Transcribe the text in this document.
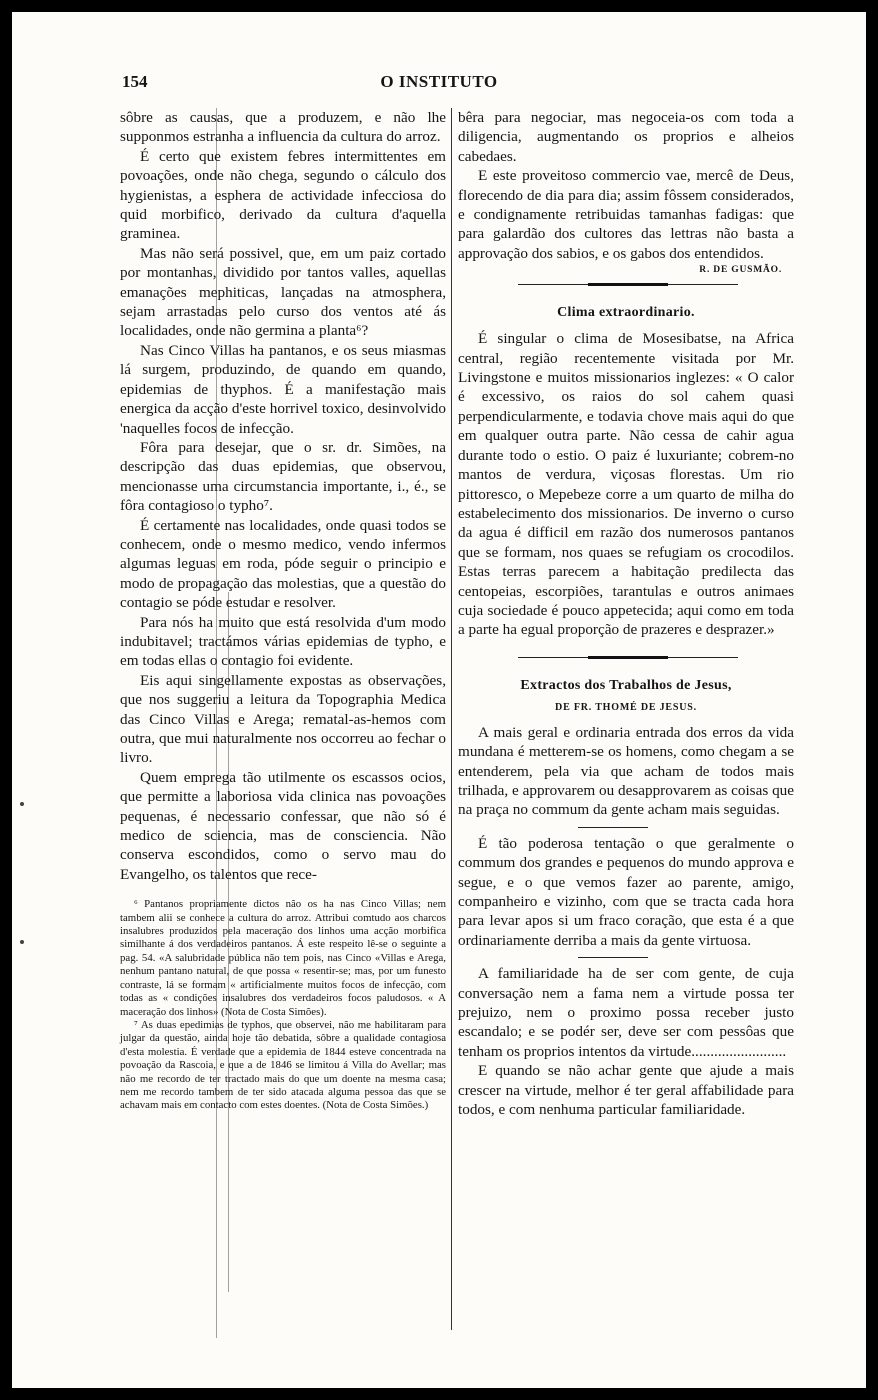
154	O INSTITUTO

sôbre as causas, que a produzem, e não lhe supponmos estranha a influencia da cultura do arroz.

É certo que existem febres intermittentes em povoações, onde não chega, segundo o cálculo dos hygienistas, a esphera de actividade infecciosa do quid morbifico, derivado da cultura d'aquella graminea.

Mas não será possivel, que, em um paiz cortado por montanhas, dividido por tantos valles, aquellas emanações mephiticas, lançadas na atmosphera, sejam arrastadas pelo curso dos ventos até ás localidades, onde não germina a planta⁶?

Nas Cinco Villas ha pantanos, e os seus miasmas lá surgem, produzindo, de quando em quando, epidemias de thyphos. É a manifestação mais energica da acção d'este horrivel toxico, desinvolvido 'naquelles focos de infecção.

Fôra para desejar, que o sr. dr. Simões, na descripção das duas epidemias, que observou, mencionasse uma circumstancia importante, i., é., se fôra contagioso o typho⁷.

É certamente nas localidades, onde quasi todos se conhecem, onde o mesmo medico, vendo infermos algumas leguas em roda, póde seguir o principio e modo de propagação das molestias, que a questão do contagio se póde estudar e resolver.

Para nós ha muito que está resolvida d'um modo indubitavel; tractámos várias epidemias de typho, e em todas ellas o contagio foi evidente.

Eis aqui singellamente expostas as observações, que nos suggeriu a leitura da Topographia Medica das Cinco Villas e Arega; rematal-as-hemos com outra, que mui naturalmente nos occorreu ao fechar o livro.

Quem emprega tão utilmente os escassos ocios, que permitte a laboriosa vida clinica nas povoações pequenas, é necessario confessar, que não só é medico de sciencia, mas de consciencia. Não conserva escondidos, como o servo mau do Evangelho, os talentos que rece-

⁶ Pantanos propriamente dictos não os ha nas Cinco Villas; nem tambem alii se conhece a cultura do arroz. Attribui comtudo aos charcos insalubres produzidos pela maceração dos linhos uma acção morbifica similhante á dos verdadeiros pantanos. Á este respeito lê-se o seguinte a pag. 54. «A salubridade pública não tem pois, nas Cinco «Villas e Arega, nenhum pantano natural, de que possa « resentir-se; mas, por um funesto contraste, lá se formam « artificialmente muitos focos de infecção, com todas as « condições insalubres dos verdadeiros focos paludosos. « A maceração dos linhos» (Nota de Costa Simões).

⁷ As duas epedimias de typhos, que observei, não me habilitaram para julgar da questão, ainda hoje tão debatida, sôbre a qualidade contagiosa d'esta molestia. É verdade que a epidemia de 1844 esteve concentrada na povoação da Rascoia, e que a de 1846 se limitou á Villa do Avellar; mas não me recordo de ter tractado mais do que um doente na mesma casa; nem me recordo tambem de ter sido atacada alguma pessoa das que se achavam mais em contacto com estes doentes. (Nota de Costa Simões.)

bêra para negociar, mas negoceia-os com toda a diligencia, augmentando os proprios e alheios cabedaes.

E este proveitoso commercio vae, mercê de Deus, florecendo de dia para dia; assim fôssem considerados, e condignamente retribuidas tamanhas fadigas: que para galardão dos cultores das lettras não basta a approvação dos sabios, e os gabos dos entendidos.

R. DE GUSMÃO.
Clima extraordinario.

É singular o clima de Mosesibatse, na Africa central, região recentemente visitada por Mr. Livingstone e muitos missionarios inglezes: « O calor é excessivo, os raios do sol cahem quasi perpendicularmente, e todavia chove mais aqui do que em qualquer outra parte. Não cessa de cahir agua durante todo o estio. O paiz é luxuriante; cobrem-no mantos de verdura, viçosas florestas. Um rio pittoresco, o Mepebeze corre a um quarto de milha do estabelecimento dos missionarios. De inverno o curso da agua é difficil em razão dos numerosos pantanos que se formam, nos quaes se refugiam os crocodilos. Estas terras parecem a habitação predilecta das centopeias, escorpiões, tarantulas e outros animaes cuja sociedade é pouco appetecida; aqui como em toda a parte ha egual proporção de prazeres e desprazer.»

Extractos dos Trabalhos de Jesus,
DE FR. THOMÉ DE JESUS.

A mais geral e ordinaria entrada dos erros da vida mundana é metterem-se os homens, como chegam a se entenderem, pela via que acham de todos mais trilhada, e approvarem ou desapprovarem as coisas que na praça no commum da gente acham mais seguidas.

É tão poderosa tentação o que geralmente o commum dos grandes e pequenos do mundo approva e segue, e o que vemos fazer ao parente, amigo, companheiro e vizinho, com que se tracta cada hora para levar apos si um fraco coração, que esta é a que ordinariamente derriba a mais da gente virtuosa.

A familiaridade ha de ser com gente, de cuja conversação nem a fama nem a virtude possa ter prejuizo, nem o proximo possa receber justo escandalo; e se podér ser, deve ser com pessôas que tenham os proprios intentos da virtude.........................

E quando se não achar gente que ajude a mais crescer na virtude, melhor é ter geral affabilidade para todos, e com nenhuma particular familiaridade.
